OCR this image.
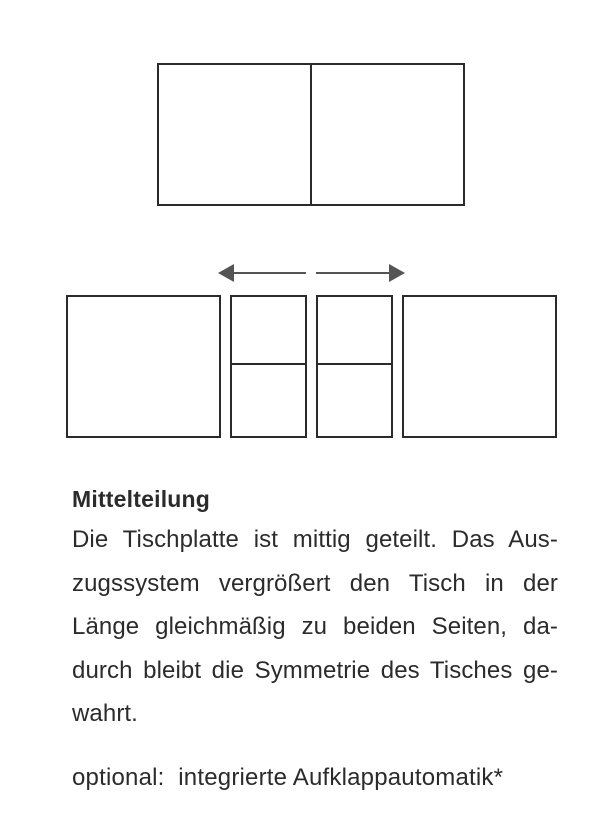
Mittelteilung
Die Tischplatte ist mittig geteilt. Das Aus-
zugssystem vergrößert den Tisch in der
Länge gleichmäßig zu beiden Seiten, da-
durch bleibt die Symmetrie des Tisches ge-
wahrt.
optional:  integrierte Aufklappautomatik*
